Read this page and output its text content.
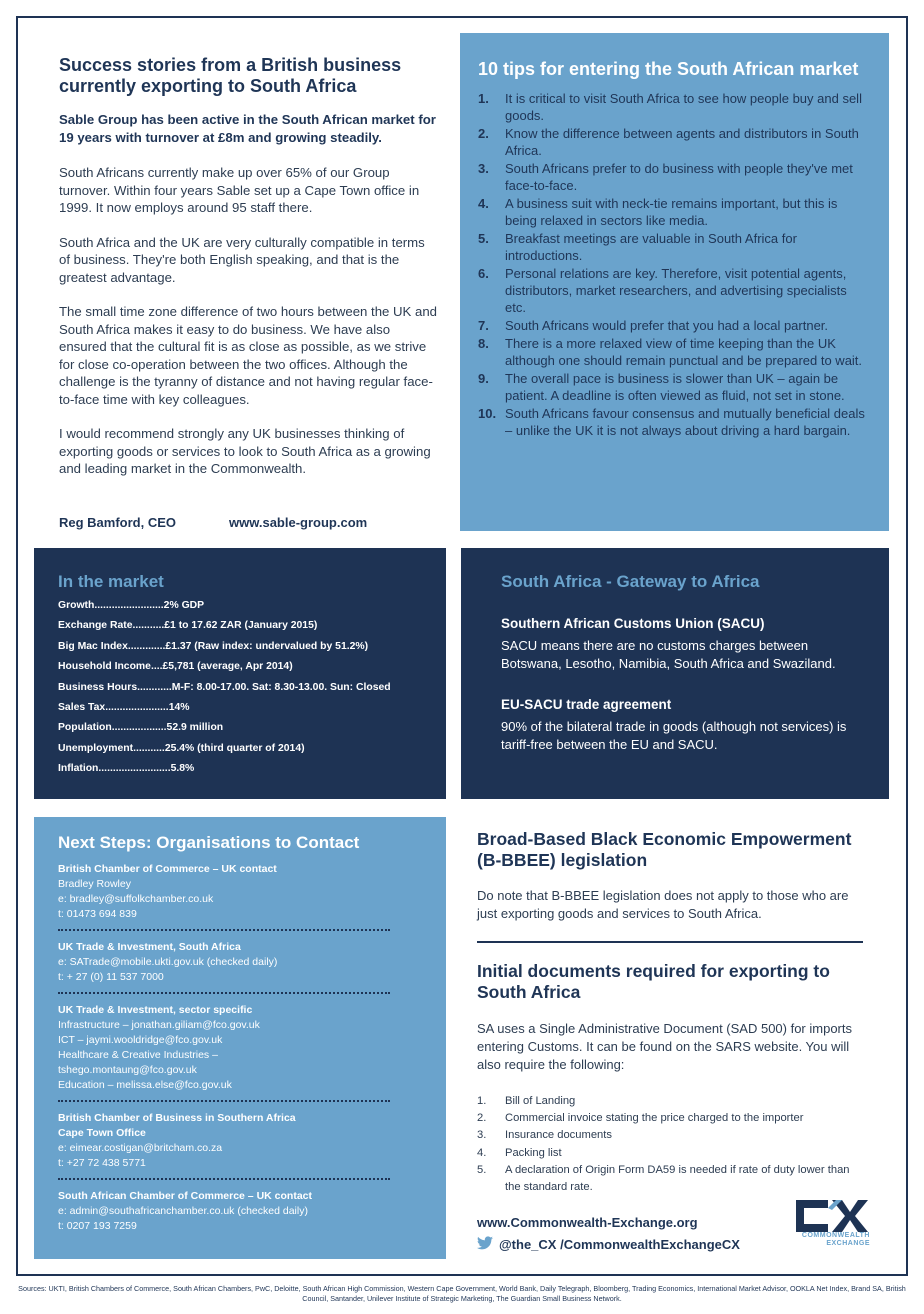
Success stories from a British business currently exporting to South Africa
Sable Group has been active in the South African market for 19 years with turnover at £8m and growing steadily.

South Africans currently make up over 65% of our Group turnover. Within four years Sable set up a Cape Town office in 1999. It now employs around 95 staff there.

South Africa and the UK are very culturally compatible in terms of business. They're both English speaking, and that is the greatest advantage.

The small time zone difference of two hours between the UK and South Africa makes it easy to do business. We have also ensured that the cultural fit is as close as possible, as we strive for close co-operation between the two offices. Although the challenge is the tyranny of distance and not having regular face-to-face time with key colleagues.

I would recommend strongly any UK businesses thinking of exporting goods or services to look to South Africa as a growing and leading market in the Commonwealth.

Reg Bamford, CEO	www.sable-group.com
10 tips for entering the South African market
1. It is critical to visit South Africa to see how people buy and sell goods.
2. Know the difference between agents and distributors in South Africa.
3. South Africans prefer to do business with people they've met face-to-face.
4. A business suit with neck-tie remains important, but this is being relaxed in sectors like media.
5. Breakfast meetings are valuable in South Africa for introductions.
6. Personal relations are key. Therefore, visit potential agents, distributors, market researchers, and advertising specialists etc.
7. South Africans would prefer that you had a local partner.
8. There is a more relaxed view of time keeping than the UK although one should remain punctual and be prepared to wait.
9. The overall pace is business is slower than UK – again be patient. A deadline is often viewed as fluid, not set in stone.
10. South Africans favour consensus and mutually beneficial deals – unlike the UK it is not always about driving a hard bargain.
In the market
Growth........................2% GDP
Exchange Rate...........£1 to 17.62 ZAR (January 2015)
Big Mac Index.............£1.37 (Raw index: undervalued by 51.2%)
Household Income....£5,781 (average, Apr 2014)
Business Hours............M-F: 8.00-17.00. Sat: 8.30-13.00. Sun: Closed
Sales Tax......................14%
Population...................52.9 million
Unemployment...........25.4% (third quarter of 2014)
Inflation.........................5.8%
South Africa - Gateway to Africa
Southern African Customs Union (SACU)

SACU means there are no customs charges between Botswana, Lesotho, Namibia, South Africa and Swaziland.

EU-SACU trade agreement

90% of the bilateral trade in goods (although not services) is tariff-free between the EU and SACU.

Next Steps: Organisations to Contact
British Chamber of Commerce – UK contact
Bradley Rowley
e: bradley@suffolkchamber.co.uk
t: 01473 694 839
UK Trade & Investment, South Africa
e: SATrade@mobile.ukti.gov.uk (checked daily)
t: + 27 (0) 11 537 7000
UK Trade & Investment, sector specific
Infrastructure – jonathan.giliam@fco.gov.uk
ICT – jaymi.wooldridge@fco.gov.uk
Healthcare & Creative Industries –
tshego.montaung@fco.gov.uk
Education – melissa.else@fco.gov.uk
British Chamber of Business in Southern Africa
Cape Town Office
e: eimear.costigan@britcham.co.za
t: +27 72 438 5771
South African Chamber of Commerce – UK contact
e: admin@southafricanchamber.co.uk (checked daily)
t: 0207 193 7259
Broad-Based Black Economic Empowerment (B-BBEE) legislation

Do note that B-BBEE legislation does not apply to those who are just exporting goods and services to South Africa.

Initial documents required for exporting to South Africa

SA uses a Single Administrative Document (SAD 500) for imports entering Customs. It can be found on the SARS website. You will also require the following:

1. Bill of Landing
2. Commercial invoice stating the price charged to the importer
3. Insurance documents
4. Packing list
5. A declaration of Origin Form DA59 is needed if rate of duty lower than the standard rate.
www.Commonwealth-Exchange.org
@the_CX /CommonwealthExchangeCX
COMMONWEALTH
EXCHANGE
Sources: UKTI, British Chambers of Commerce, South African Chambers, PwC, Deloitte, South African High Commission, Western Cape Government, World Bank, Daily Telegraph, Bloomberg, Trading Economics, International Market Advisor, OOKLA Net Index, Brand SA, British Council, Santander, Unilever Institute of Strategic Marketing, The Guardian Small Business Network.
